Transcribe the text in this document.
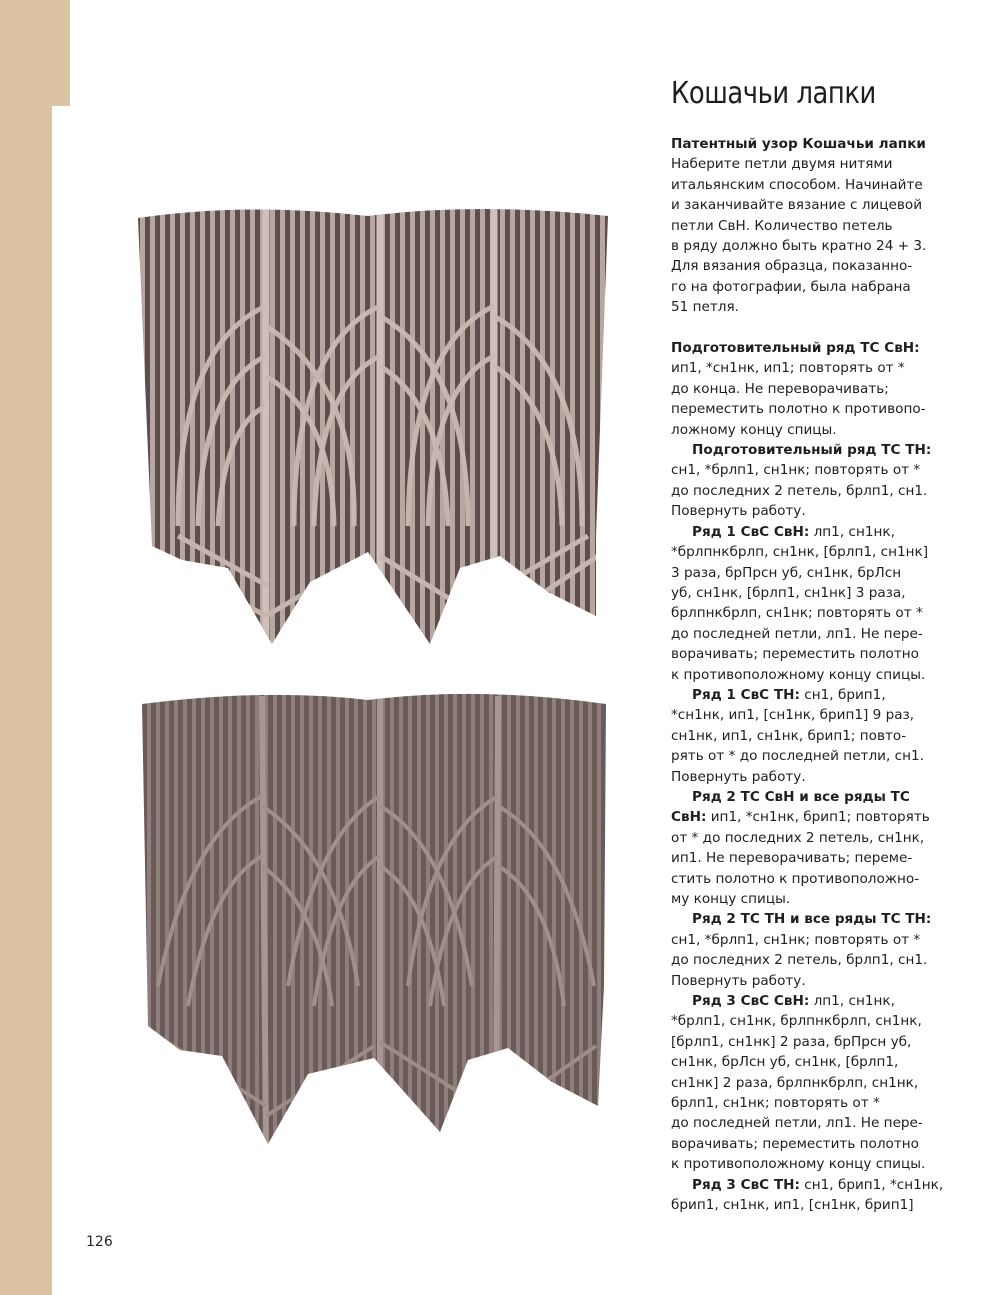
Кошачьи лапки

Патентный узор Кошачьи лапки

Наберите петли двумя нитями

итальянским способом. Начинайте

и заканчивайте вязание с лицевой

петли СвН. Количество петель

в ряду должно быть кратно 24 + 3.

Для вязания образца, показанно-

го на фотографии, была набрана

51 петля.

Подготовительный ряд ТС СвН:

ип1, *сн1нк, ип1; повторять от *

до конца. Не переворачивать;

переместить полотно к противопо-

ложному концу спицы.

Подготовительный ряд ТС ТН:

сн1, *брлп1, сн1нк; повторять от *

до последних 2 петель, брлп1, сн1.

Повернуть работу.

Ряд 1 СвС СвН: лп1, сн1нк,

*брлпнкбрлп, сн1нк, [брлп1, сн1нк]

3 раза, брПрсн уб, сн1нк, брЛсн

уб, сн1нк, [брлп1, сн1нк] 3 раза,

брлпнкбрлп, сн1нк; повторять от *

до последней петли, лп1. Не пере-

ворачивать; переместить полотно

к противоположному концу спицы.

Ряд 1 СвС ТН: сн1, брип1,

*сн1нк, ип1, [сн1нк, брип1] 9 раз,

сн1нк, ип1, сн1нк, брип1; повто-

рять от * до последней петли, сн1.

Повернуть работу.

Ряд 2 ТС СвН и все ряды ТС

СвН: ип1, *сн1нк, брип1; повторять

от * до последних 2 петель, сн1нк,

ип1. Не переворачивать; переме-

стить полотно к противоположно-

му концу спицы.

Ряд 2 ТС ТН и все ряды ТС ТН:

сн1, *брлп1, сн1нк; повторять от *

до последних 2 петель, брлп1, сн1.

Повернуть работу.

Ряд 3 СвС СвН: лп1, сн1нк,

*брлп1, сн1нк, брлпнкбрлп, сн1нк,

[брлп1, сн1нк] 2 раза, брПрсн уб,

сн1нк, брЛсн уб, сн1нк, [брлп1,

сн1нк] 2 раза, брлпнкбрлп, сн1нк,

брлп1, сн1нк; повторять от *

до последней петли, лп1. Не пере-

ворачивать; переместить полотно

к противоположному концу спицы.

Ряд 3 СвС ТН: сн1, брип1, *сн1нк,

брип1, сн1нк, ип1, [сн1нк, брип1]

126
